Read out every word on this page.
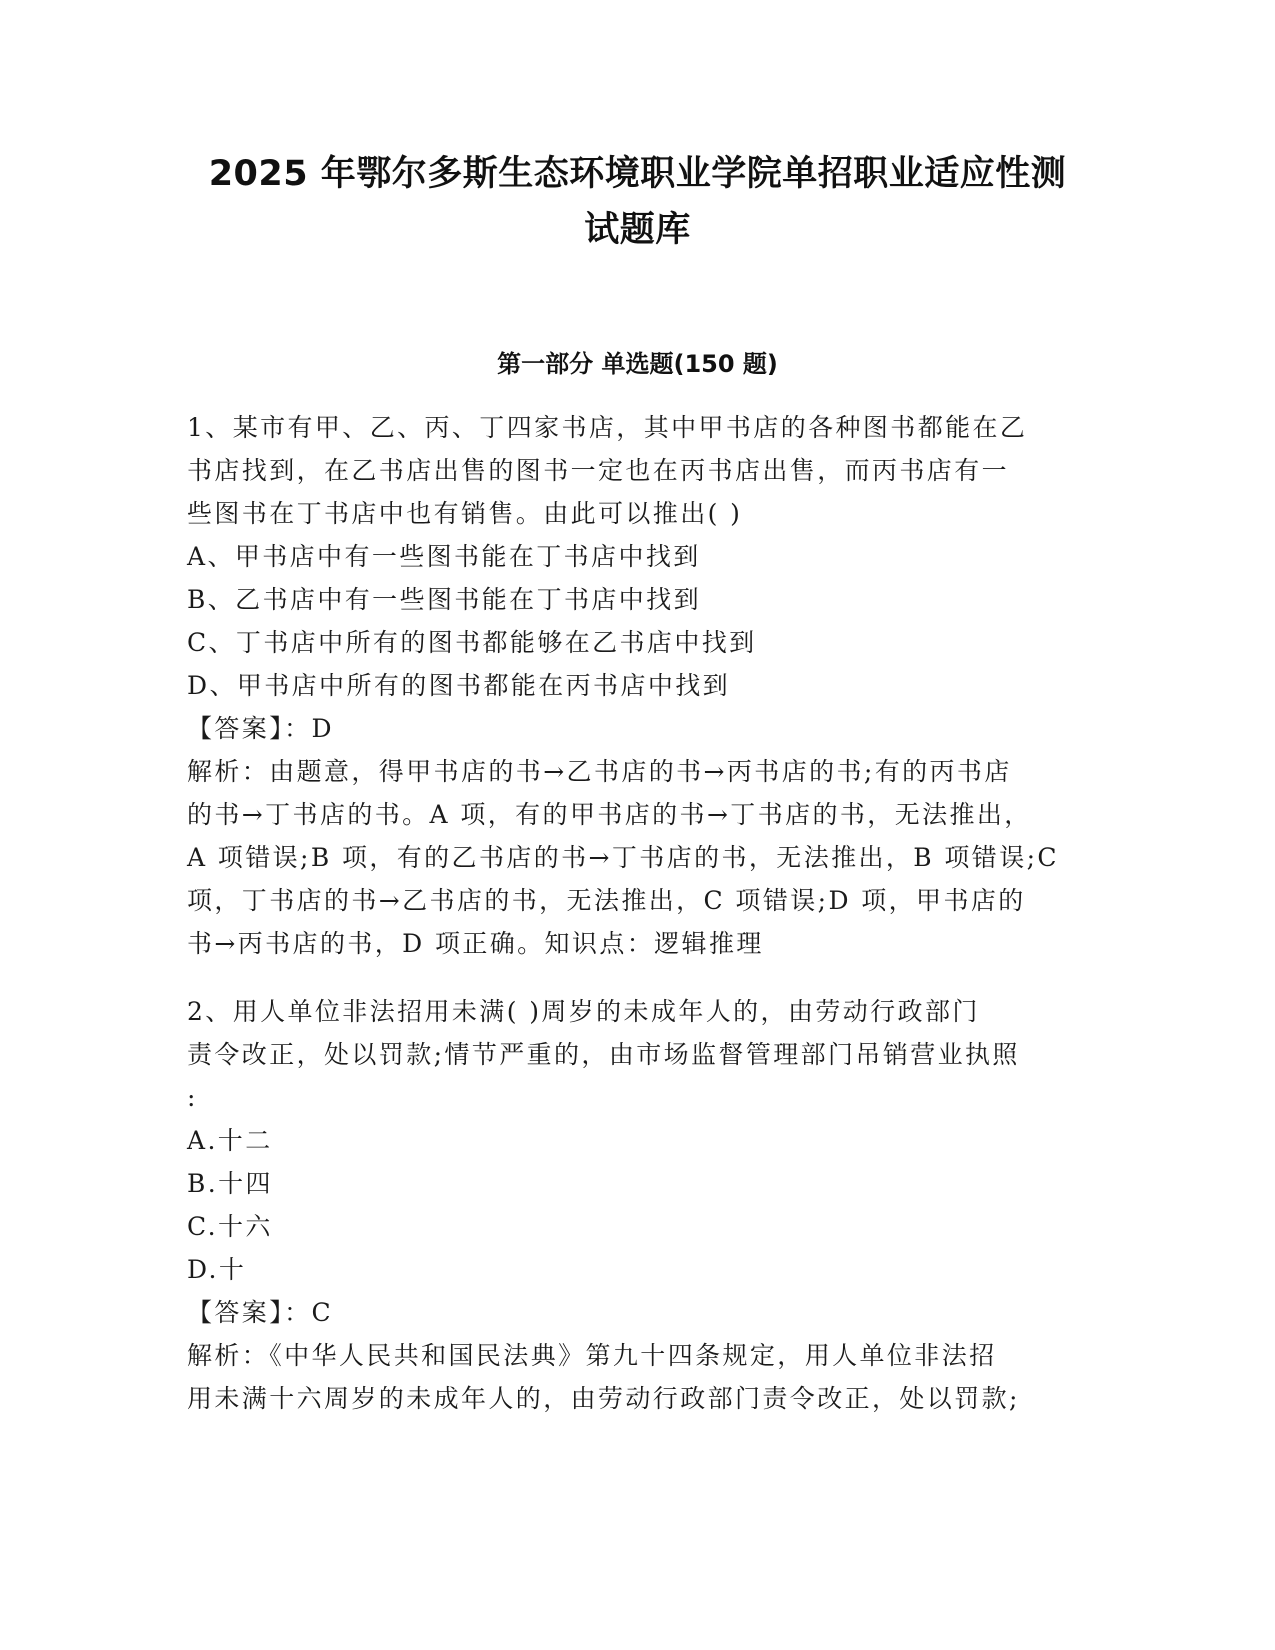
2025 年鄂尔多斯生态环境职业学院单招职业适应性测
试题库
第一部分 单选题(150 题)
1、某市有甲、乙、丙、丁四家书店，其中甲书店的各种图书都能在乙
书店找到，在乙书店出售的图书一定也在丙书店出售，而丙书店有一
些图书在丁书店中也有销售。由此可以推出( )
A、甲书店中有一些图书能在丁书店中找到
B、乙书店中有一些图书能在丁书店中找到
C、丁书店中所有的图书都能够在乙书店中找到
D、甲书店中所有的图书都能在丙书店中找到
【答案】：D
解析：由题意，得甲书店的书→乙书店的书→丙书店的书;有的丙书店
的书→丁书店的书。A 项，有的甲书店的书→丁书店的书，无法推出，
A 项错误;B 项，有的乙书店的书→丁书店的书，无法推出，B 项错误;C
项，丁书店的书→乙书店的书，无法推出，C 项错误;D 项，甲书店的
书→丙书店的书，D 项正确。知识点：逻辑推理
2、用人单位非法招用未满( )周岁的未成年人的，由劳动行政部门
责令改正，处以罚款;情节严重的，由市场监督管理部门吊销营业执照
:
A.十二
B.十四
C.十六
D.十
【答案】：C
解析：《中华人民共和国民法典》第九十四条规定，用人单位非法招
用未满十六周岁的未成年人的，由劳动行政部门责令改正，处以罚款;
